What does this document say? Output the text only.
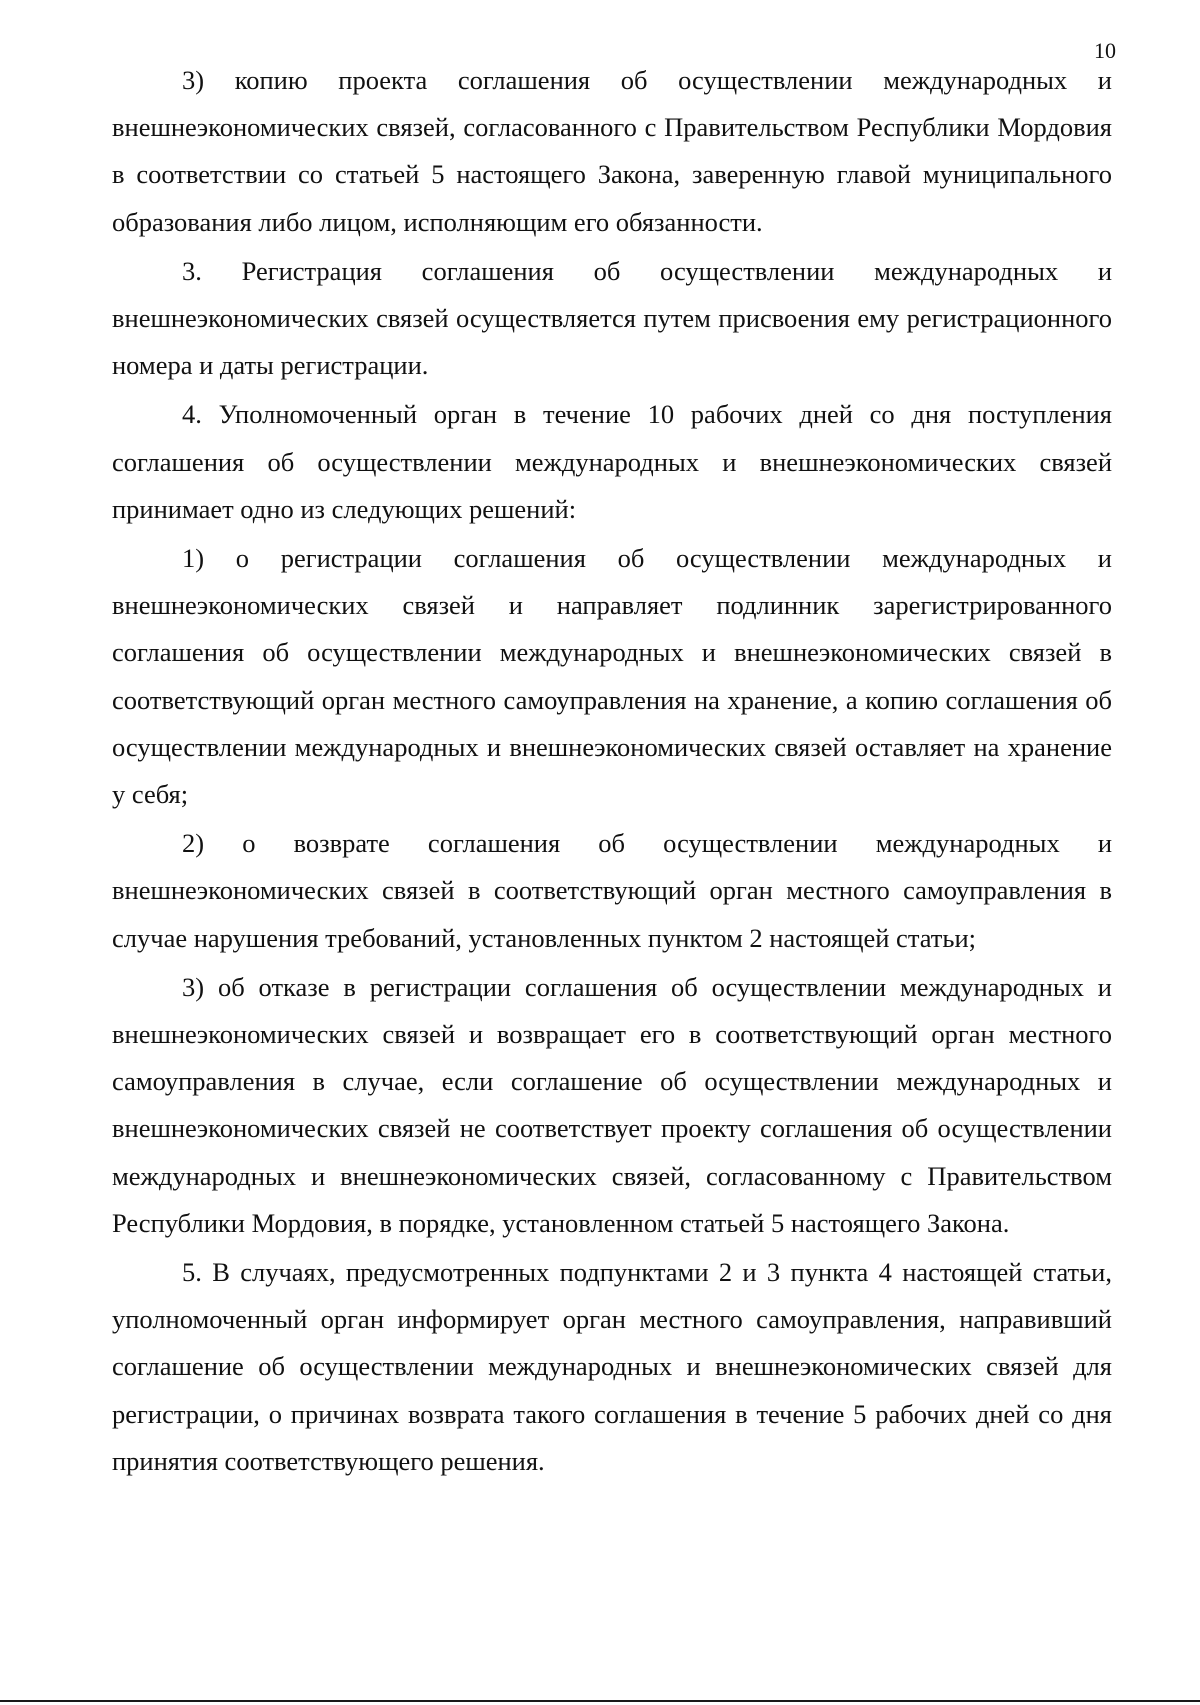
10

3) копию проекта соглашения об осуществлении международных и внешнеэкономических связей, согласованного с Правительством Республики Мордовия в соответствии со статьей 5 настоящего Закона, заверенную главой муниципального образования либо лицом, исполняющим его обязанности.

3. Регистрация соглашения об осуществлении международных и внешнеэкономических связей осуществляется путем присвоения ему регистрационного номера и даты регистрации.

4. Уполномоченный орган в течение 10 рабочих дней со дня поступления соглашения об осуществлении международных и внешнеэкономических связей принимает одно из следующих решений:

1) о регистрации соглашения об осуществлении международных и внешнеэкономических связей и направляет подлинник зарегистрированного соглашения об осуществлении международных и внешнеэкономических связей в соответствующий орган местного самоуправления на хранение, а копию соглашения об осуществлении международных и внешнеэкономических связей оставляет на хранение у себя;

2) о возврате соглашения об осуществлении международных и внешнеэкономических связей в соответствующий орган местного самоуправления в случае нарушения требований, установленных пунктом 2 настоящей статьи;

3) об отказе в регистрации соглашения об осуществлении международных и внешнеэкономических связей и возвращает его в соответствующий орган местного самоуправления в случае, если соглашение об осуществлении международных и внешнеэкономических связей не соответствует проекту соглашения об осуществлении международных и внешнеэкономических связей, согласованному с Правительством Республики Мордовия, в порядке, установленном статьей 5 настоящего Закона.

5. В случаях, предусмотренных подпунктами 2 и 3 пункта 4 настоящей статьи, уполномоченный орган информирует орган местного самоуправления, направивший соглашение об осуществлении международных и внешнеэкономических связей для регистрации, о причинах возврата такого соглашения в течение 5 рабочих дней со дня принятия соответствующего решения.
